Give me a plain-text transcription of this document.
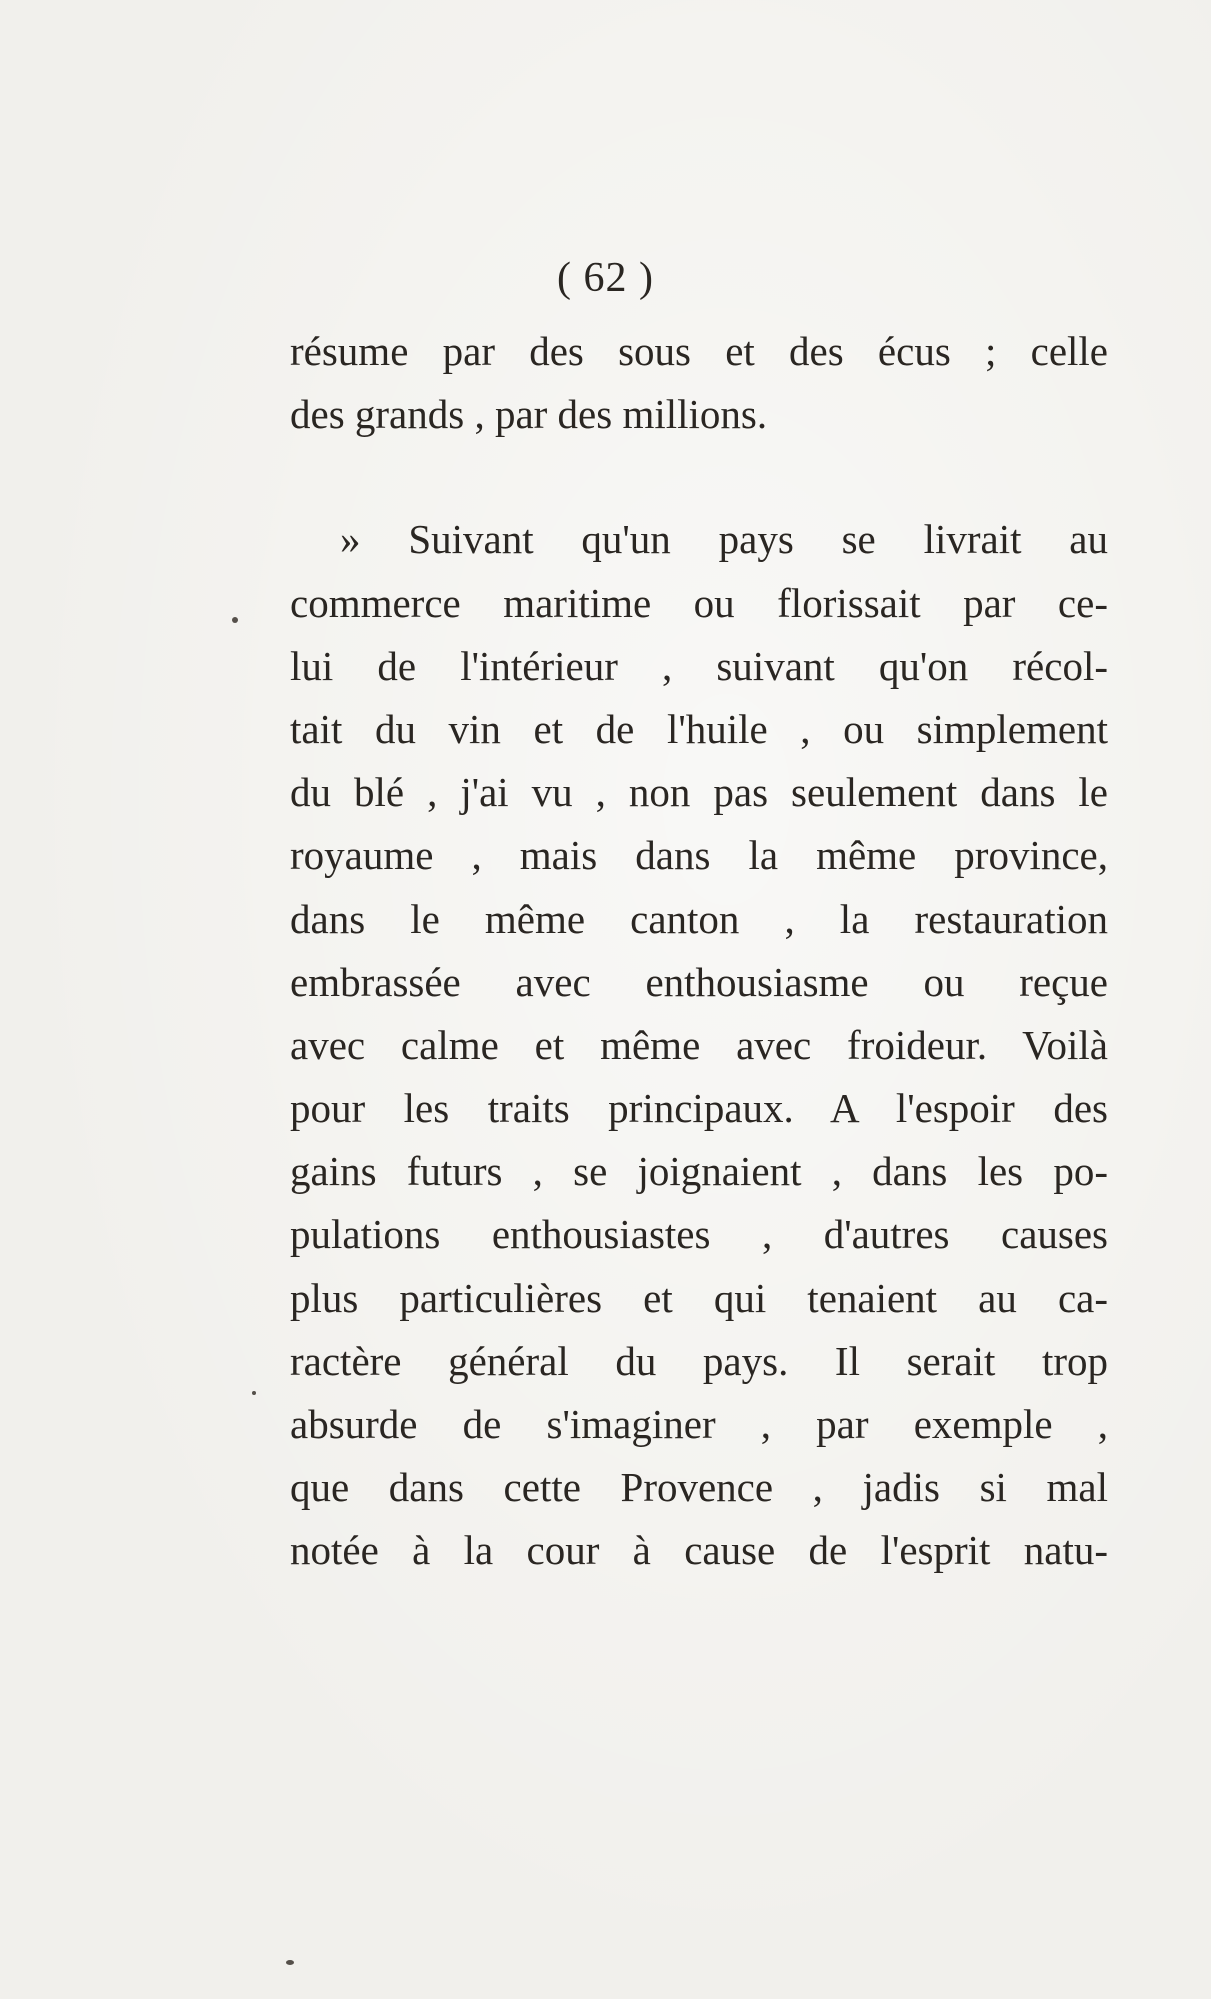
( 62 )
résume par des sous et des écus ; celle
des grands , par des millions.
» Suivant qu'un pays se livrait au
commerce maritime ou florissait par ce-
lui de l'intérieur , suivant qu'on récol-
tait du vin et de l'huile , ou simplement
du blé , j'ai vu , non pas seulement dans le
royaume , mais dans la même province,
dans le même canton , la restauration
embrassée avec enthousiasme ou reçue
avec calme et même avec froideur. Voilà
pour les traits principaux. A l'espoir des
gains futurs , se joignaient , dans les po-
pulations enthousiastes , d'autres causes
plus particulières et qui tenaient au ca-
ractère général du pays. Il serait trop
absurde de s'imaginer , par exemple ,
que dans cette Provence , jadis si mal
notée à la cour à cause de l'esprit natu-
